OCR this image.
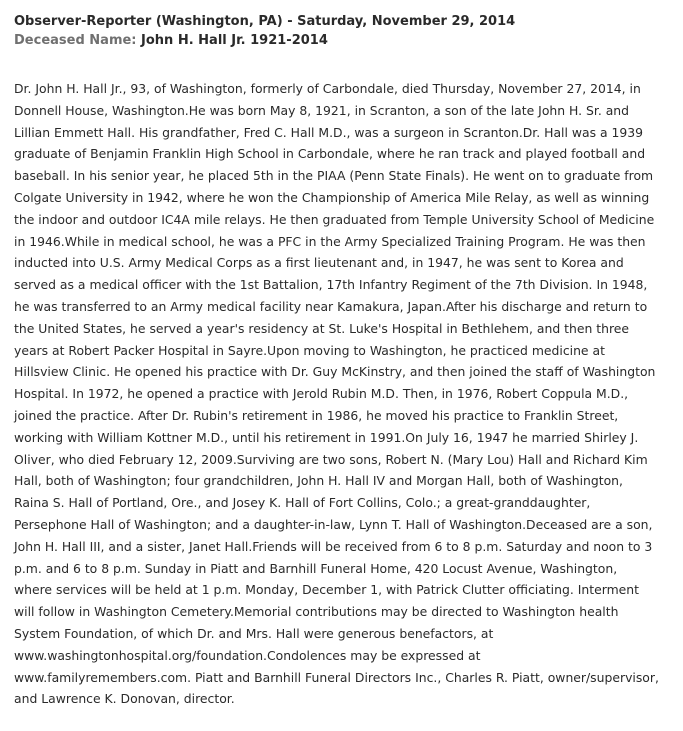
Observer-Reporter (Washington, PA) - Saturday, November 29, 2014
Deceased Name: John H. Hall Jr. 1921-2014
Dr. John H. Hall Jr., 93, of Washington, formerly of Carbondale, died Thursday, November 27, 2014, in Donnell House, Washington.He was born May 8, 1921, in Scranton, a son of the late John H. Sr. and Lillian Emmett Hall. His grandfather, Fred C. Hall M.D., was a surgeon in Scranton.Dr. Hall was a 1939 graduate of Benjamin Franklin High School in Carbondale, where he ran track and played football and baseball. In his senior year, he placed 5th in the PIAA (Penn State Finals). He went on to graduate from Colgate University in 1942, where he won the Championship of America Mile Relay, as well as winning the indoor and outdoor IC4A mile relays. He then graduated from Temple University School of Medicine in 1946.While in medical school, he was a PFC in the Army Specialized Training Program. He was then inducted into U.S. Army Medical Corps as a first lieutenant and, in 1947, he was sent to Korea and served as a medical officer with the 1st Battalion, 17th Infantry Regiment of the 7th Division. In 1948, he was transferred to an Army medical facility near Kamakura, Japan.After his discharge and return to the United States, he served a year's residency at St. Luke's Hospital in Bethlehem, and then three years at Robert Packer Hospital in Sayre.Upon moving to Washington, he practiced medicine at Hillsview Clinic. He opened his practice with Dr. Guy McKinstry, and then joined the staff of Washington Hospital. In 1972, he opened a practice with Jerold Rubin M.D. Then, in 1976, Robert Coppula M.D., joined the practice. After Dr. Rubin's retirement in 1986, he moved his practice to Franklin Street, working with William Kottner M.D., until his retirement in 1991.On July 16, 1947 he married Shirley J. Oliver, who died February 12, 2009.Surviving are two sons, Robert N. (Mary Lou) Hall and Richard Kim Hall, both of Washington; four grandchildren, John H. Hall IV and Morgan Hall, both of Washington, Raina S. Hall of Portland, Ore., and Josey K. Hall of Fort Collins, Colo.; a great-granddaughter, Persephone Hall of Washington; and a daughter-in-law, Lynn T. Hall of Washington.Deceased are a son, John H. Hall III, and a sister, Janet Hall.Friends will be received from 6 to 8 p.m. Saturday and noon to 3 p.m. and 6 to 8 p.m. Sunday in Piatt and Barnhill Funeral Home, 420 Locust Avenue, Washington, where services will be held at 1 p.m. Monday, December 1, with Patrick Clutter officiating. Interment will follow in Washington Cemetery.Memorial contributions may be directed to Washington health System Foundation, of which Dr. and Mrs. Hall were generous benefactors, at www.washingtonhospital.org/foundation.Condolences may be expressed at www.familyremembers.com. Piatt and Barnhill Funeral Directors Inc., Charles R. Piatt, owner/supervisor, and Lawrence K. Donovan, director.
